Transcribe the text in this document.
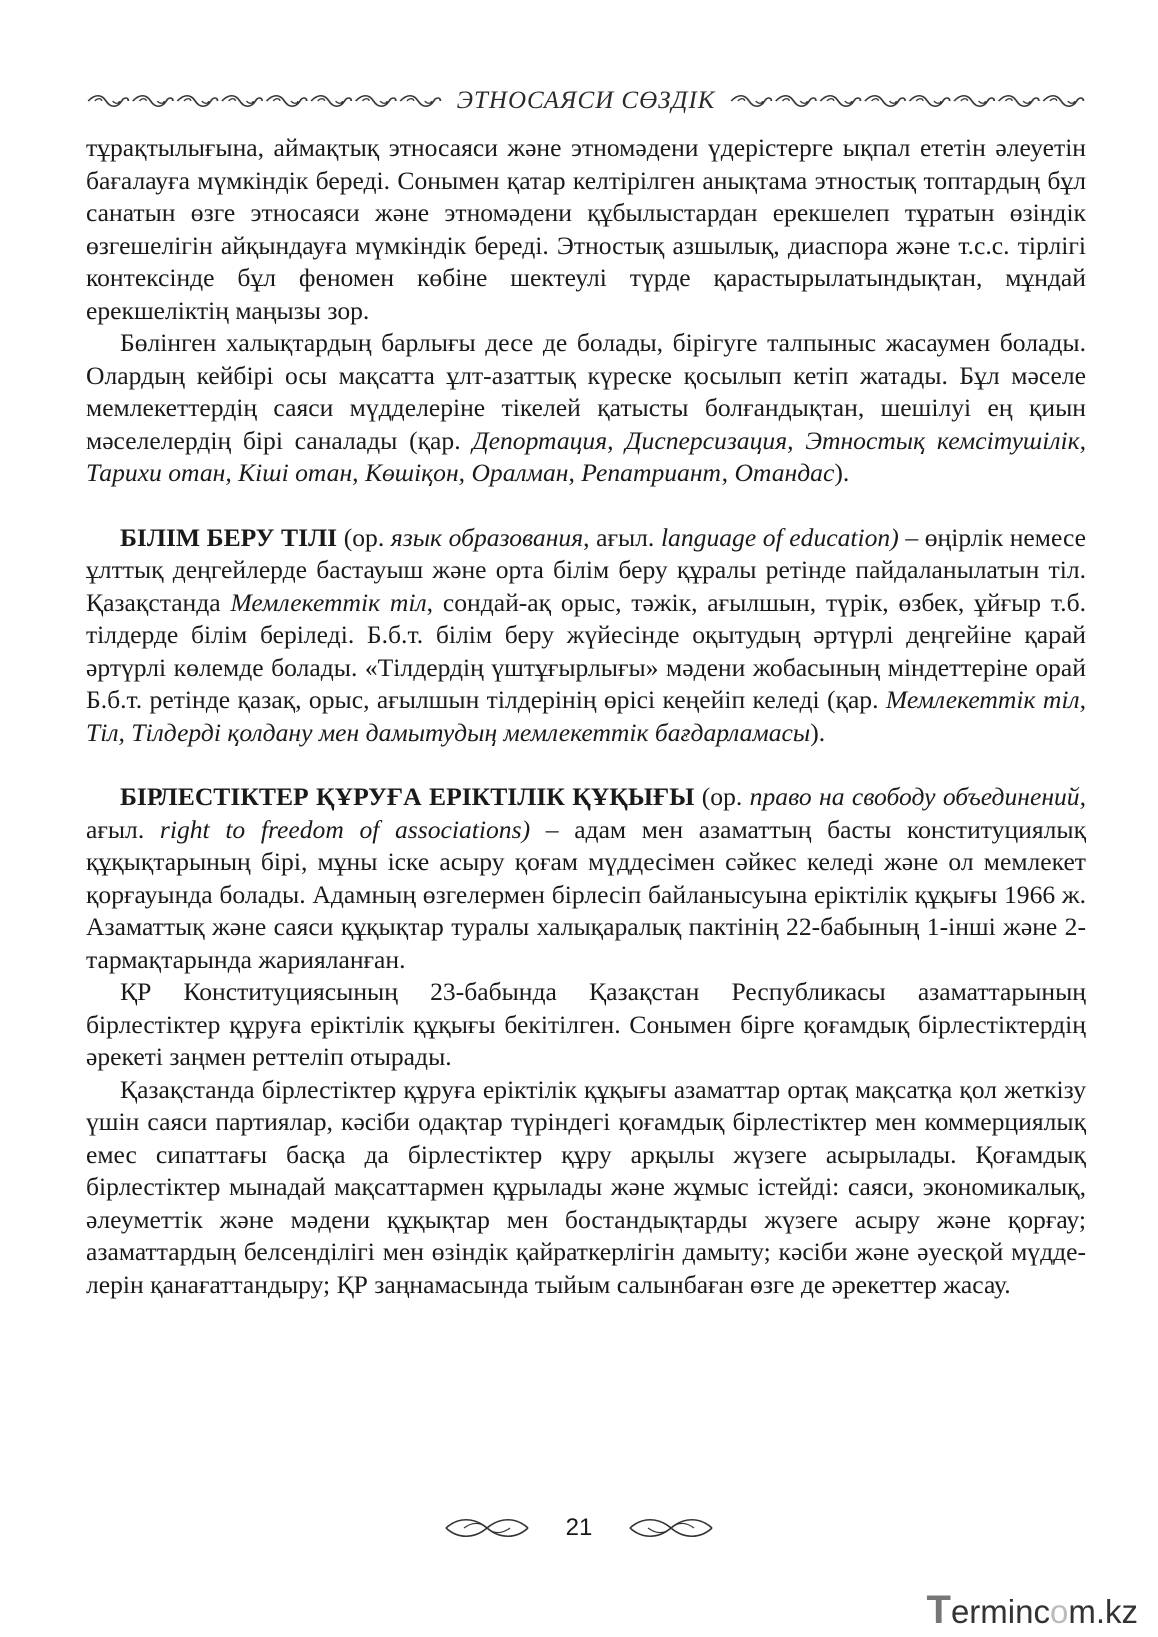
ЭТНОСАЯСИ СӨЗДІК

тұрақтылығына, аймақтық этносаяси және этномәдени үдерістерге ықпал ететін әлеуетін бағалауға мүмкіндік береді. Сонымен қатар келтірілген анықтама этностық топтардың бұл санатын өзге этносаяси және этномәдени құбылыстардан ерекшелеп тұратын өзіндік өзгешелігін айқындауға мүмкіндік береді. Этностық азшылық, диаспора және т.с.с. тірлігі контексінде бұл феномен көбіне шектеулі түрде қарастырылатындықтан, мұндай ерекшеліктің маңызы зор.

Бөлінген халықтардың барлығы десе де болады, бірігуге талпыныс жасаумен болады. Олардың кейбірі осы мақсатта ұлт-азаттық күреске қосылып кетіп жатады. Бұл мәселе мемлекеттердің саяси мүдделеріне тікелей қатысты болғандықтан, шешілуі ең қиын мәселелердің бірі саналады (қар. Депортация, Дисперсизация, Этностық кемсітушілік, Тарихи отан, Кіші отан, Көшіқон, Оралман, Репатриант, Отандас).

БІЛІМ БЕРУ ТІЛІ (ор. язык образования, ағыл. language of education) – өңірлік немесе ұлттық деңгейлерде бастауыш және орта білім беру құралы ретінде пайдаланылатын тіл. Қазақстанда Мемлекеттік тіл, сондай-ақ орыс, тәжік, ағылшын, түрік, өзбек, ұйғыр т.б. тілдерде білім беріледі. Б.б.т. білім беру жүйесінде оқытудың әртүрлі деңгейіне қарай әртүрлі көлемде болады. «Тілдердің үштұғырлығы» мәдени жобасының міндеттеріне орай Б.б.т. ретінде қазақ, орыс, ағылшын тілдерінің өрісі кеңейіп келеді (қар. Мемлекеттік тіл, Тіл, Тілдерді қолдану мен дамытудың мемлекеттік бағдарламасы).

БІРЛЕСТІКТЕР ҚҰРУҒА ЕРІКТІЛІК ҚҰҚЫҒЫ (ор. право на свободу объединений, ағыл. right to freedom of associations) – адам мен азаматтың басты конституциялық құқықтарының бірі, мұны іске асыру қоғам мүддесімен сәйкес келеді және ол мемлекет қорғауында болады. Адамның өзгелермен бірлесіп байланысуына еріктілік құқығы 1966 ж. Азаматтық және саяси құқықтар туралы халықаралық пактінің 22-бабының 1-інші және 2-тармақтарында жарияланған.

ҚР Конституциясының 23-бабында Қазақстан Республикасы азаматтарының бірлестіктер құруға еріктілік құқығы бекітілген. Сонымен бірге қоғамдық бірлестіктердің әрекеті заңмен реттеліп отырады.

Қазақстанда бірлестіктер құруға еріктілік құқығы азаматтар ортақ мақсатқа қол жеткізу үшін саяси партиялар, кәсіби одақтар түріндегі қоғамдық бірлестіктер мен коммерциялық емес сипаттағы басқа да бірлестіктер құру арқылы жүзеге асырылады. Қоғамдық бірлестіктер мынадай мақсаттармен құрылады және жұмыс істейді: саяси, экономикалық, әлеуметтік және мәдени құқықтар мен бостандықтарды жүзеге асыру және қорғау; азаматтардың белсенділігі мен өзіндік қайраткерлігін дамыту; кәсіби және әуесқой мүдделерін қанағаттандыру; ҚР заңнамасында тыйым салынбаған өзге де әрекеттер жасау.

21
T erminc o m.kz
